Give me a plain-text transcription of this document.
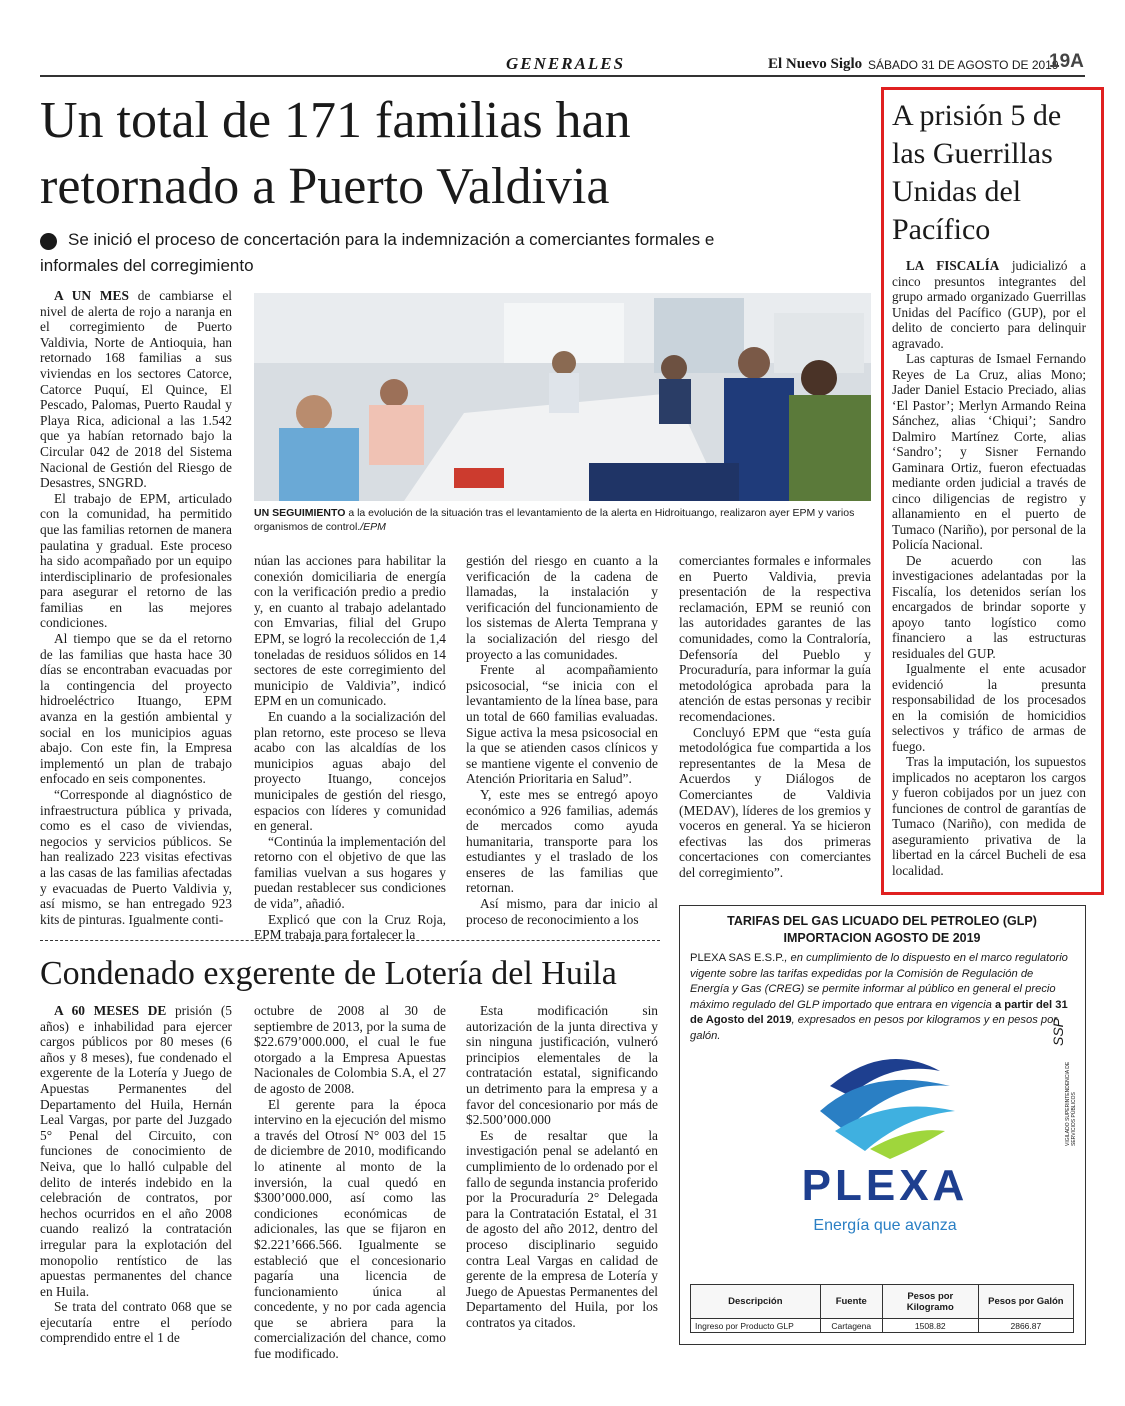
GENERALES	El Nuevo Siglo SÁBADO 31 DE AGOSTO DE 2019
19A
Un total de 171 familias han
retornado a Puerto Valdivia
Se inició el proceso de concertación para la indemnización a comerciantes formales e
informales del corregimiento
UN SEGUIMIENTO a la evolución de la situación tras el levantamiento de la alerta en Hidroituango, realizaron ayer EPM y varios organismos de control./EPM

A UN MES de cambiarse el nivel de alerta de rojo a naranja en el corregimiento de Puerto Valdivia, Norte de Antioquia, han retornado 168 familias a sus viviendas en los sectores Catorce, Catorce Puquí, El Quince, El Pescado, Palomas, Puerto Raudal y Playa Rica, adicional a las 1.542 que ya habían retornado bajo la Circular 042 de 2018 del Sistema Nacional de Gestión del Riesgo de Desastres, SNGRD.

El trabajo de EPM, articulado con la comunidad, ha permitido que las familias retornen de manera paulatina y gradual. Este proceso ha sido acompañado por un equipo interdisciplinario de profesionales para asegurar el retorno de las familias en las mejores condiciones.

Al tiempo que se da el retorno de las familias que hasta hace 30 días se encontraban evacuadas por la contingencia del proyecto hidroeléctrico Ituango, EPM avanza en la gestión ambiental y social en los municipios aguas abajo. Con este fin, la Empresa implementó un plan de trabajo enfocado en seis componentes.

“Corresponde al diagnóstico de infraestructura pública y privada, como es el caso de viviendas, negocios y servicios públicos. Se han realizado 223 visitas efectivas a las casas de las familias afectadas y evacuadas de Puerto Valdivia y, así mismo, se han entregado 923 kits de pinturas. Igualmente conti-

núan las acciones para habilitar la conexión domiciliaria de energía con la verificación predio a predio y, en cuanto al trabajo adelantado con Emvarias, filial del Grupo EPM, se logró la recolección de 1,4 toneladas de residuos sólidos en 14 sectores de este corregimiento del municipio de Valdivia”, indicó EPM en un comunicado.

En cuando a la socialización del plan retorno, este proceso se lleva acabo con las alcaldías de los municipios aguas abajo del proyecto Ituango, concejos municipales de gestión del riesgo, espacios con líderes y comunidad en general.

“Continúa la implementación del retorno con el objetivo de que las familias vuelvan a sus hogares y puedan restablecer sus condiciones de vida”, añadió.

Explicó que con la Cruz Roja, EPM trabaja para fortalecer la

gestión del riesgo en cuanto a la verificación de la cadena de llamadas, la instalación y verificación del funcionamiento de los sistemas de Alerta Temprana y la socialización del riesgo del proyecto a las comunidades.

Frente al acompañamiento psicosocial, “se inicia con el levantamiento de la línea base, para un total de 660 familias evaluadas. Sigue activa la mesa psicosocial en la que se atienden casos clínicos y se mantiene vigente el convenio de Atención Prioritaria en Salud”.

Y, este mes se entregó apoyo económico a 926 familias, además de mercados como ayuda humanitaria, transporte para los estudiantes y el traslado de los enseres de las familias que retornan.

Así mismo, para dar inicio al proceso de reconocimiento a los

comerciantes formales e informales en Puerto Valdivia, previa presentación de la respectiva reclamación, EPM se reunió con las autoridades garantes de las comunidades, como la Contraloría, Defensoría del Pueblo y Procuraduría, para informar la guía metodológica aprobada para la atención de estas personas y recibir recomendaciones.

Concluyó EPM que “esta guía metodológica fue compartida a los representantes de la Mesa de Acuerdos y Diálogos de Comerciantes de Valdivia (MEDAV), líderes de los gremios y voceros en general. Ya se hicieron efectivas las dos primeras concertaciones con comerciantes del corregimiento”.

A prisión 5 de las Guerrillas Unidas del Pacífico

LA FISCALÍA judicializó a cinco presuntos integrantes del grupo armado organizado Guerrillas Unidas del Pacífico (GUP), por el delito de concierto para delinquir agravado.

Las capturas de Ismael Fernando Reyes de La Cruz, alias Mono; Jader Daniel Estacio Preciado, alias ‘El Pastor’; Merlyn Armando Reina Sánchez, alias ‘Chiqui’; Sandro Dalmiro Martínez Corte, alias ‘Sandro’; y Sisner Fernando Gaminara Ortiz, fueron efectuadas mediante orden judicial a través de cinco diligencias de registro y allanamiento en el puerto de Tumaco (Nariño), por personal de la Policía Nacional.

De acuerdo con las investigaciones adelantadas por la Fiscalía, los detenidos serían los encargados de brindar soporte y apoyo tanto logístico como financiero a las estructuras residuales del GUP.

Igualmente el ente acusador evidenció la presunta responsabilidad de los procesados en la comisión de homicidios selectivos y tráfico de armas de fuego.

Tras la imputación, los supuestos implicados no aceptaron los cargos y fueron cobijados por un juez con funciones de control de garantías de Tumaco (Nariño), con medida de aseguramiento privativa de la libertad en la cárcel Bucheli de esa localidad.

Condenado exgerente de Lotería del Huila

A 60 MESES DE prisión (5 años) e inhabilidad para ejercer cargos públicos por 80 meses (6 años y 8 meses), fue condenado el exgerente de la Lotería y Juego de Apuestas Permanentes del Departamento del Huila, Hernán Leal Vargas, por parte del Juzgado 5° Penal del Circuito, con funciones de conocimiento de Neiva, que lo halló culpable del delito de interés indebido en la celebración de contratos, por hechos ocurridos en el año 2008 cuando realizó la contratación irregular para la explotación del monopolio rentístico de las apuestas permanentes del chance en Huila.

Se trata del contrato 068 que se ejecutaría entre el período comprendido entre el 1 de

octubre de 2008 al 30 de septiembre de 2013, por la suma de $22.679’000.000, el cual le fue otorgado a la Empresa Apuestas Nacionales de Colombia S.A, el 27 de agosto de 2008.

El gerente para la época intervino en la ejecución del mismo a través del Otrosí N° 003 del 15 de diciembre de 2010, modificando lo atinente al monto de la inversión, la cual quedó en $300’000.000, así como las condiciones económicas de adicionales, las que se fijaron en $2.221’666.566. Igualmente se estableció que el concesionario pagaría una licencia de funcionamiento única al concedente, y no por cada agencia que se abriera para la comercialización del chance, como fue modificado.

Esta modificación sin autorización de la junta directiva y sin ninguna justificación, vulneró principios elementales de la contratación estatal, significando un detrimento para la empresa y a favor del concesionario por más de $2.500’000.000

Es de resaltar que la investigación penal se adelantó en cumplimiento de lo ordenado por el fallo de segunda instancia proferido por la Procuraduría 2° Delegada para la Contratación Estatal, el 31 de agosto del año 2012, dentro del proceso disciplinario seguido contra Leal Vargas en calidad de gerente de la empresa de Lotería y Juego de Apuestas Permanentes del Departamento del Huila, por los contratos ya citados.

TARIFAS DEL GAS LICUADO DEL PETROLEO (GLP)
IMPORTACION AGOSTO DE 2019
PLEXA SAS E.S.P., en cumplimiento de lo dispuesto en el marco regulatorio vigente sobre las tarifas expedidas por la Comisión de Regulación de Energía y Gas (CREG) se permite informar al público en general el precio máximo regulado del GLP importado que entrara en vigencia a partir del 31 de Agosto del 2019, expresados en pesos por kilogramos y en pesos por galón.
PLEXA
Energía que avanza
SSP
VIGILADO SUPERINTENDENCIA DE SERVICIOS PÚBLICOS
Descripción	Fuente	Pesos por Kilogramo	Pesos por Galón
Ingreso por Producto GLP	Cartagena	1508.82	2866.87
